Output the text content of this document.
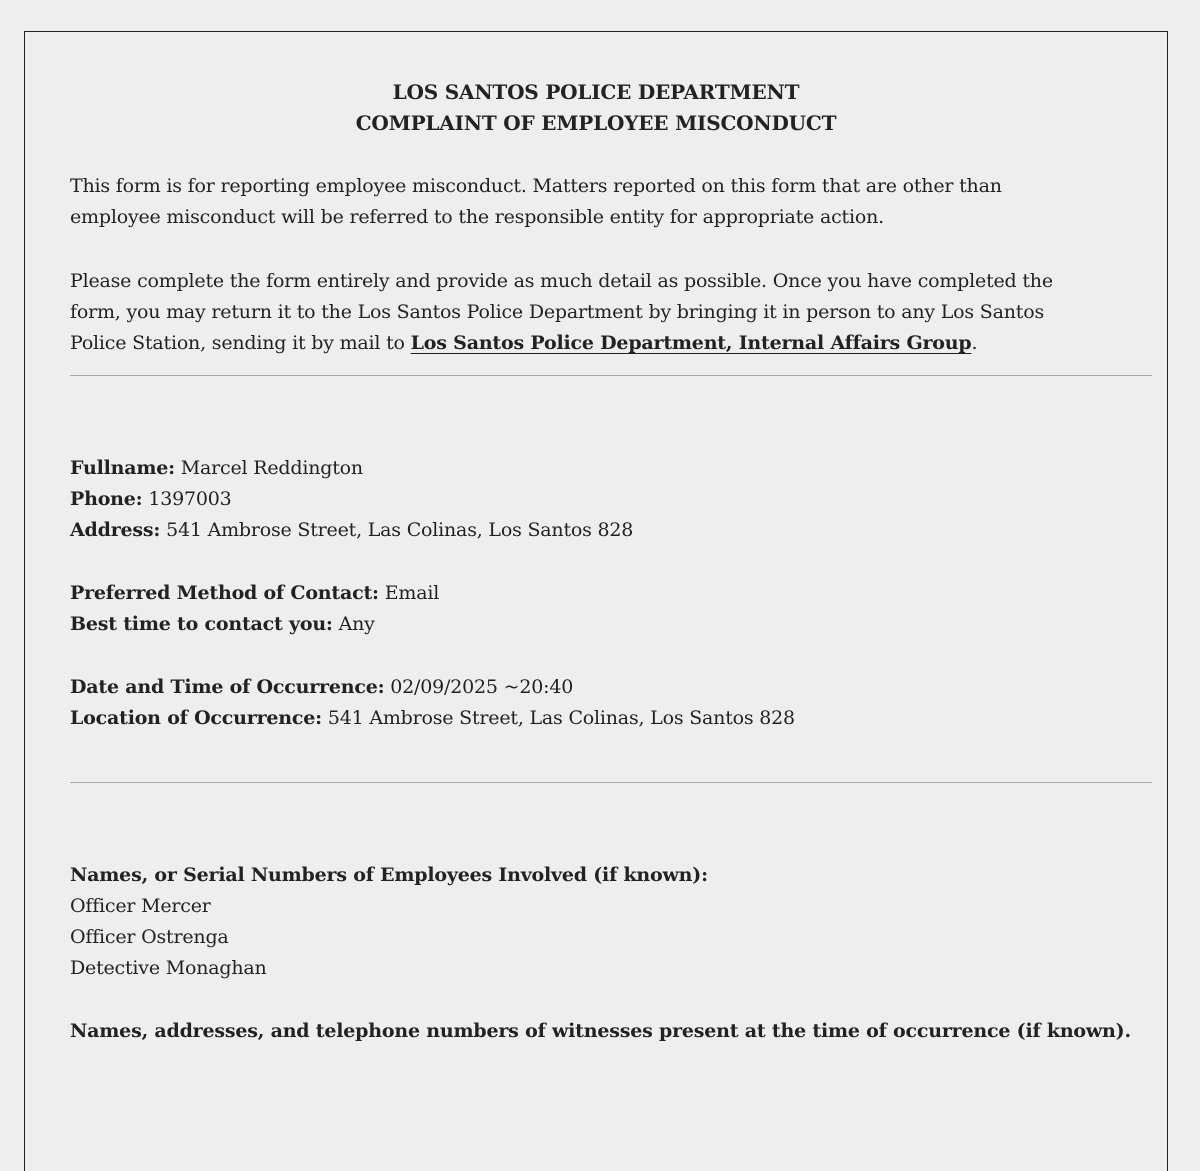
LOS SANTOS POLICE DEPARTMENT
COMPLAINT OF EMPLOYEE MISCONDUCT
This form is for reporting employee misconduct. Matters reported on this form that are other than
employee misconduct will be referred to the responsible entity for appropriate action.
Please complete the form entirely and provide as much detail as possible. Once you have completed the
form, you may return it to the Los Santos Police Department by bringing it in person to any Los Santos
Police Station, sending it by mail to Los Santos Police Department, Internal Affairs Group.
Fullname: Marcel Reddington
Phone: 1397003
Address: 541 Ambrose Street, Las Colinas, Los Santos 828
Preferred Method of Contact: Email
Best time to contact you: Any
Date and Time of Occurrence: 02/09/2025 ~20:40
Location of Occurrence: 541 Ambrose Street, Las Colinas, Los Santos 828
Names, or Serial Numbers of Employees Involved (if known):
Officer Mercer
Officer Ostrenga
Detective Monaghan
Names, addresses, and telephone numbers of witnesses present at the time of occurrence (if known).
